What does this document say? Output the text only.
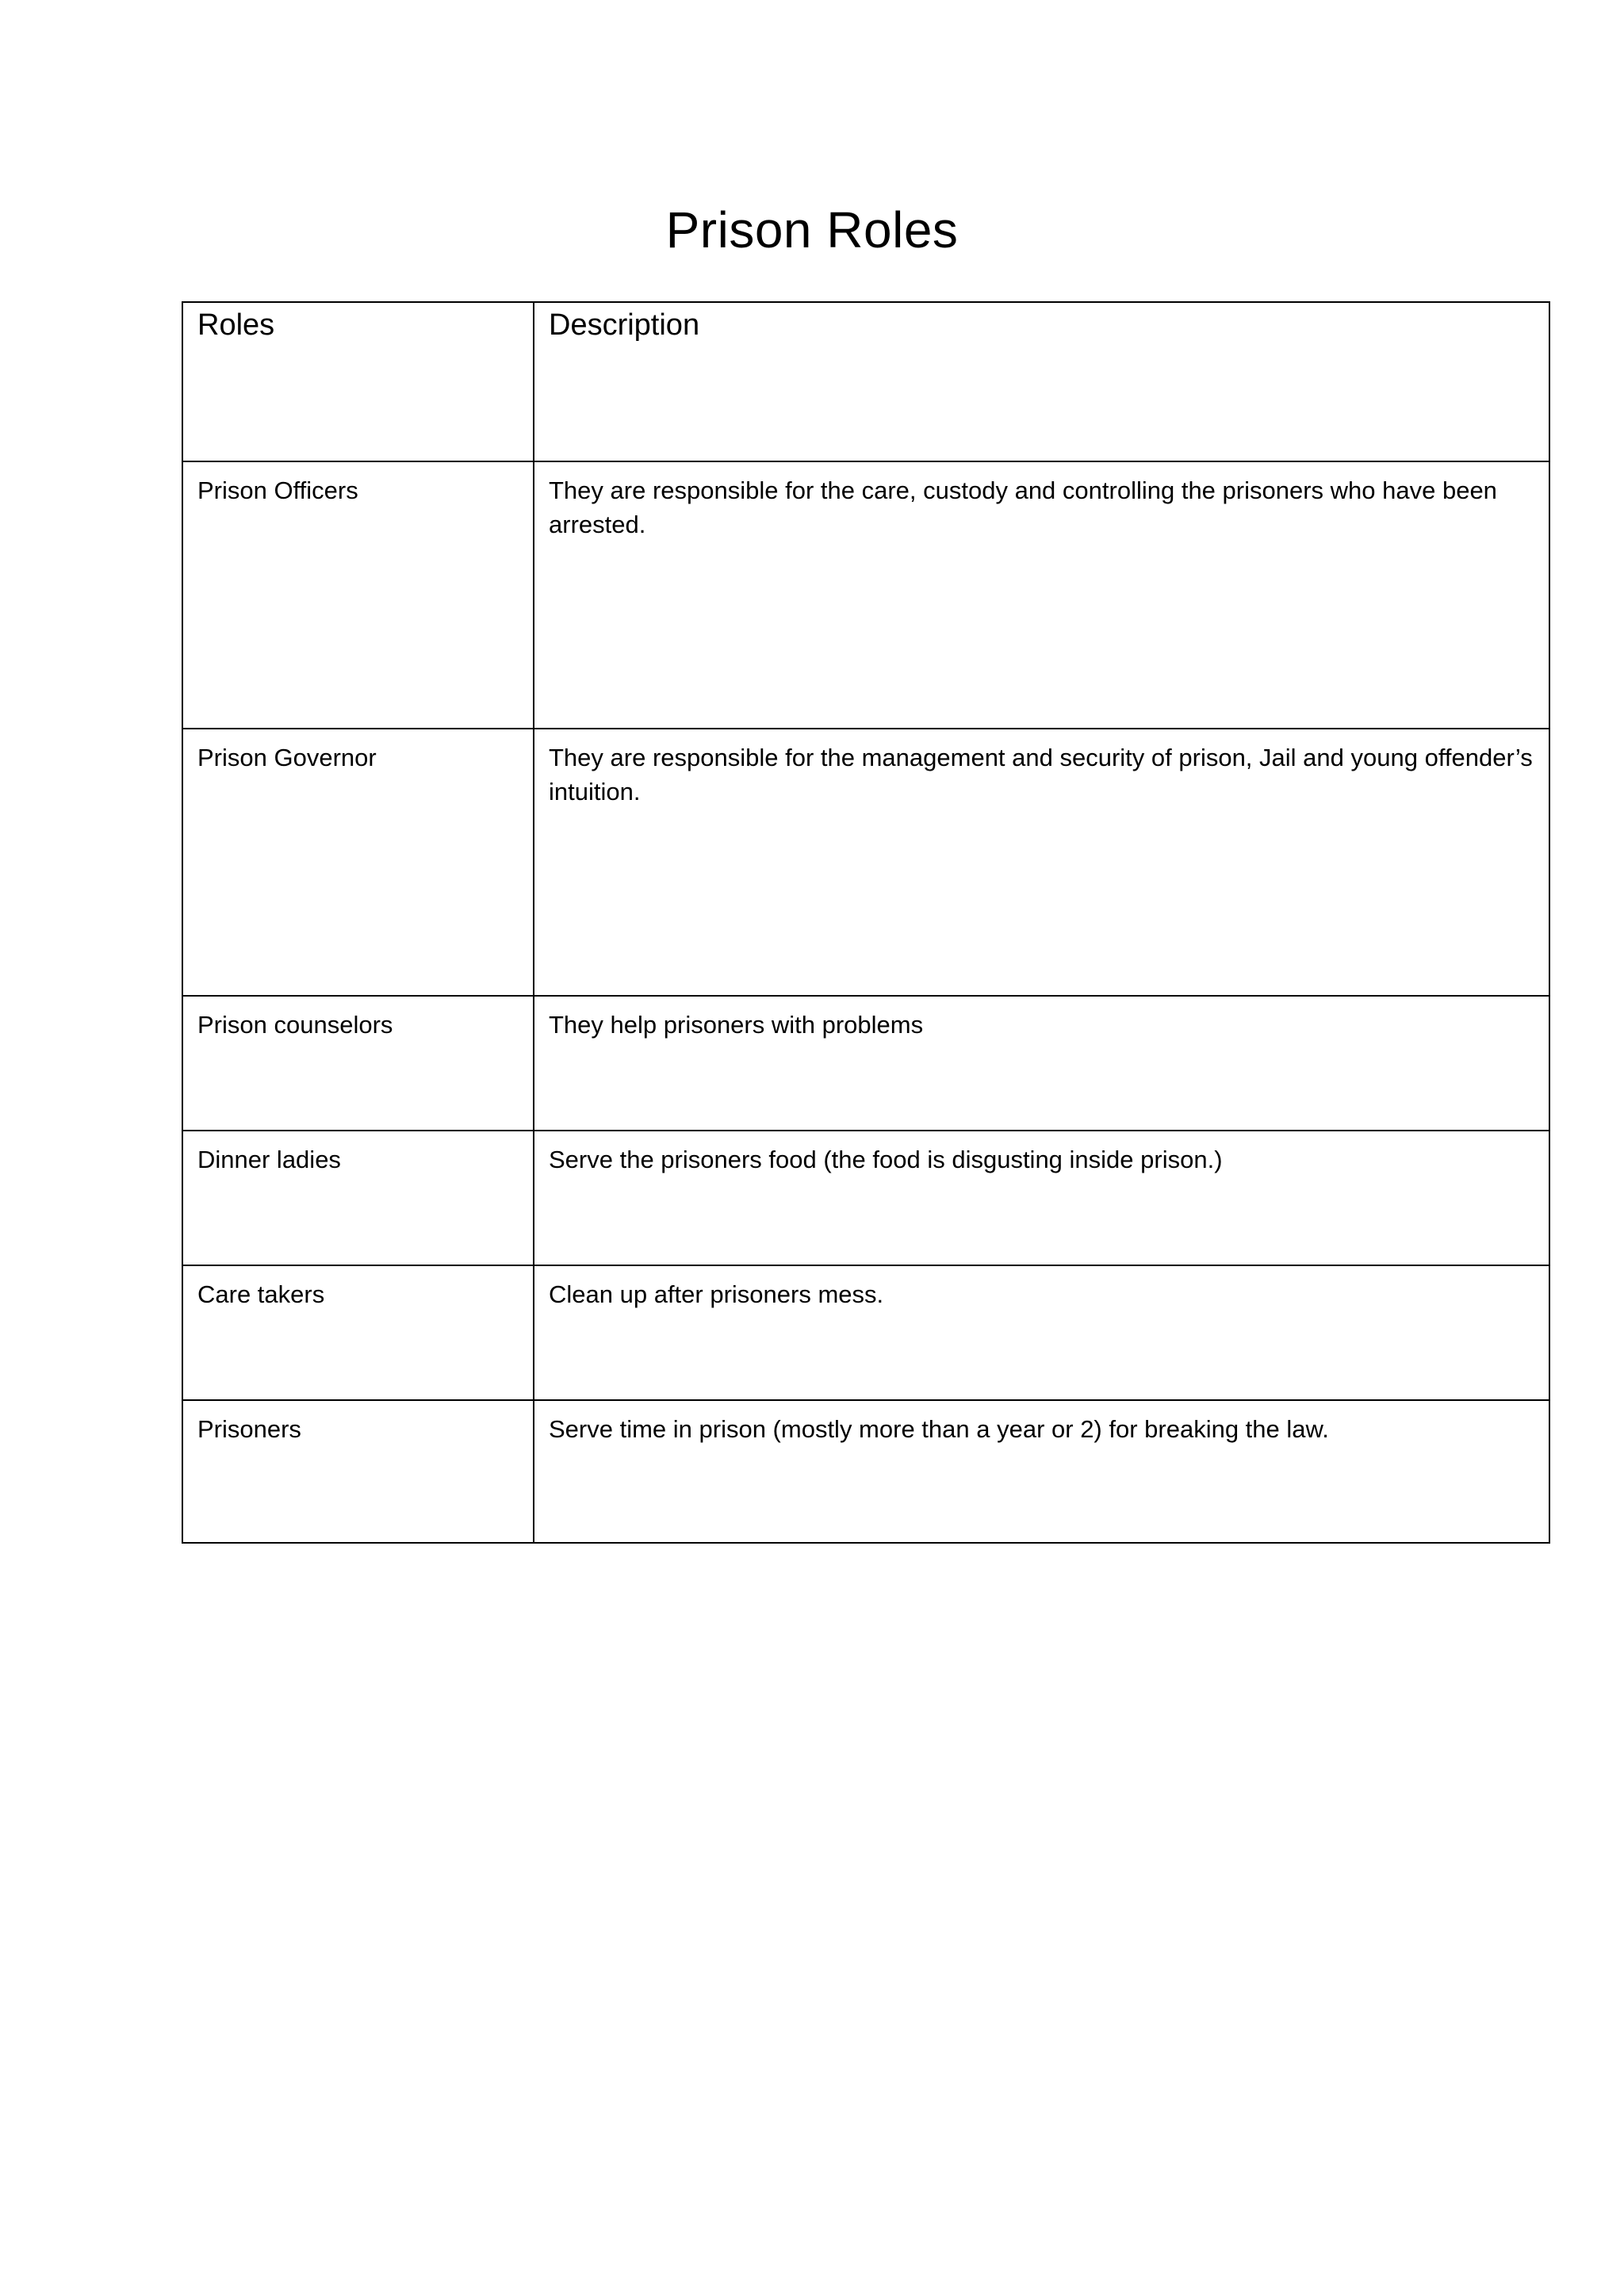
Prison Roles
Roles	Description
Prison Officers	They are responsible for the care, custody and controlling the prisoners who have been arrested.
Prison Governor	They are responsible for the management and security of prison, Jail and young offender’s intuition.
Prison counselors	They help prisoners with problems
Dinner ladies	Serve the prisoners food (the food is disgusting inside prison.)
Care takers	Clean up after prisoners mess.
Prisoners	Serve time in prison (mostly more than a year or 2) for breaking the law.
